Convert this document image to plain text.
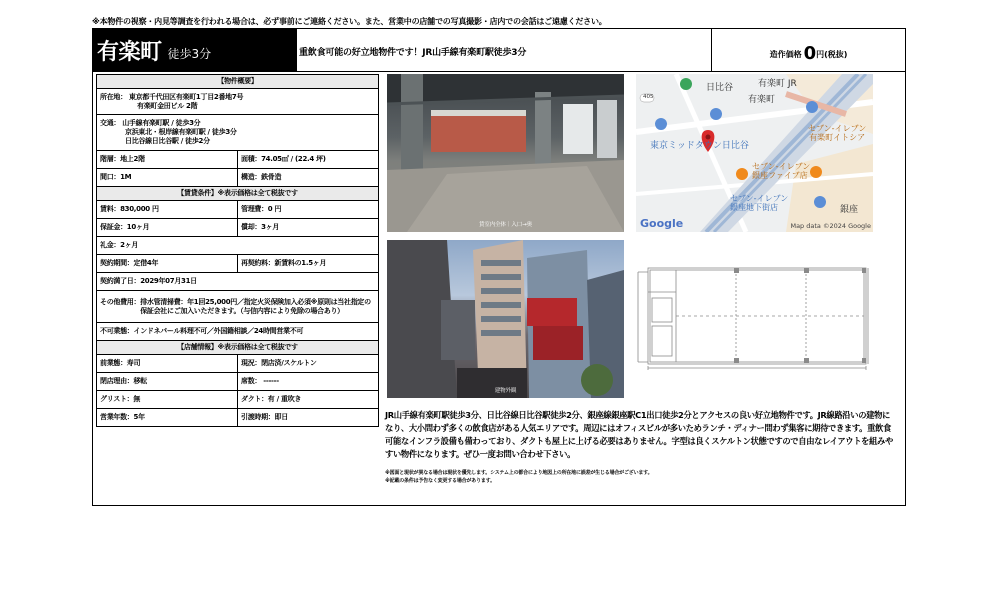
※本物件の視察・内見等調査を行われる場合は、必ず事前にご連絡ください。また、営業中の店舗での写真撮影・店内での会話はご遠慮ください。
有楽町 徒歩3分	重飲食可能の好立地物件です！JR山手線有楽町駅徒歩3分	造作価格 0 円(税抜)
【物件概要】	

所在地： 東京都千代田区有楽町1丁目2番地7号
有楽町金田ビル 2階	

交通： 山手線有楽町駅 / 徒歩3分
京浜東北・根岸線有楽町駅 / 徒歩3分
日比谷線日比谷駅 / 徒歩2分	

階層：地上2階	面積：74.05㎡ / (22.4 坪)
間口：1M	構造：鉄骨造
【賃貸条件】※表示価格は全て税抜です	
賃料：830,000 円	管理費：0 円
保証金：10ヶ月	償却：3ヶ月
礼金：2ヶ月	
契約期間：定借4年	再契約料：新賃料の1.5ヶ月
契約満了日：2029年07月31日	

その他費用： 排水管清掃費：年1回25,000円／指定火災保険加入必須※原則は当社指定の保証会社にご加入いただきます。（与信内容により免除の場合あり）	

不可業態：インドネパール料理不可／外国籍相談／24時間営業不可	
【店舗情報】※表示価格は全て税抜です	
前業態：寿司	現況：閉店済/スケルトン
閉店理由：移転	席数： ------
グリスト：無	ダクト：有 / 重吹き
営業年数：5年	引渡時期：即日
賃室内全体｜入口→奥
日比谷	有楽町 JR
有楽町
東京ミッドタウン日比谷
405
セブン-イレブン
有楽町イトシア
セブン-イレブン
銀座ファイブ店
セブン-イレブン
銀座地下街店	銀座
Google	Map data ©2024 Google
建物外観
JR山手線有楽町駅徒歩3分、日比谷線日比谷駅徒歩2分、銀座線銀座駅C1出口徒歩2分とアクセスの良い好立地物件です。JR線路沿いの建物になり、大小問わず多くの飲食店がある人気エリアです。周辺にはオフィスビルが多いためランチ・ディナー問わず集客に期待できます。重飲食可能なインフラ設備も備わっており、ダクトも屋上に上げる必要はありません。字型は良くスケルトン状態ですので自由なレイアウトを組みやすい物件になります。ぜひ一度お問い合わせ下さい。
※図面と現状が異なる場合は現状を優先します。システム上の都合により地図上の所在地に誤差が生じる場合がございます。
※記載の条件は予告なく変更する場合があります。
